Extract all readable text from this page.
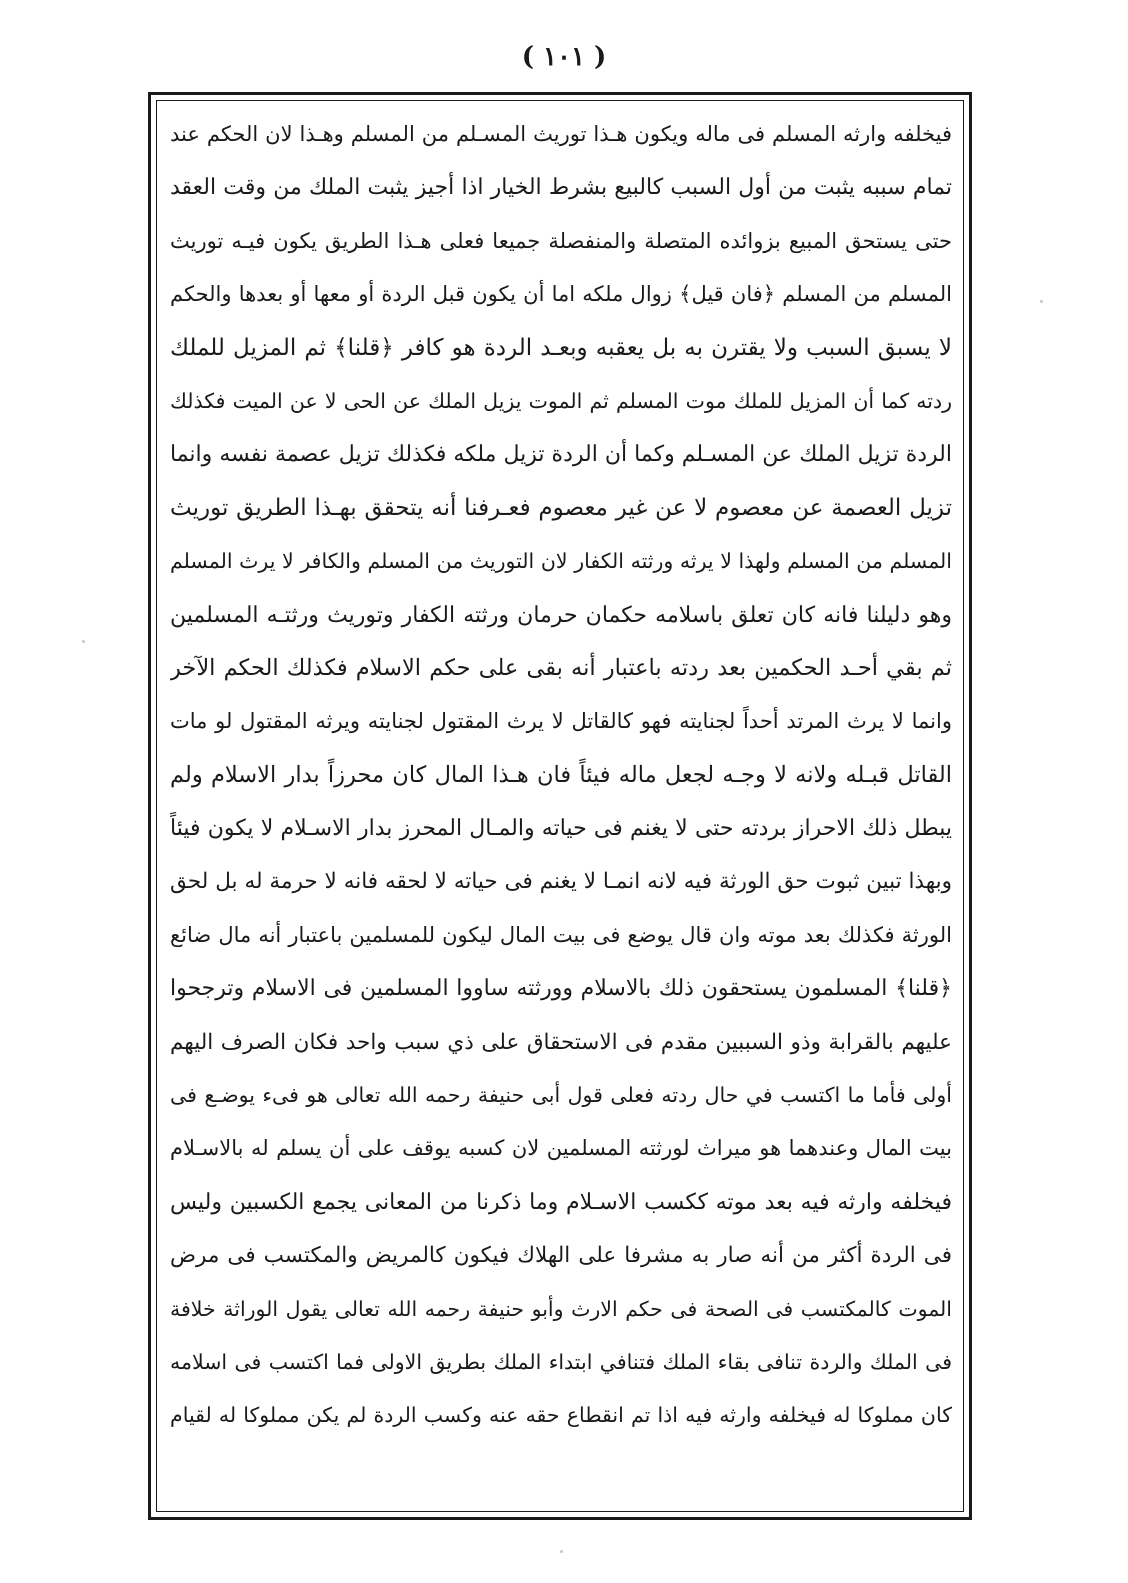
( ١٠١ )
فيخلفه وارثه المسلم فى ماله ويكون هـذا توريث المسـلم من المسلم وهـذا لان الحكم عند
تمام سببه يثبت من أول السبب كالبيع بشرط الخيار اذا أجيز يثبت الملك من وقت العقد
حتى يستحق المبيع بزوائده المتصلة والمنفصلة جميعا فعلى هـذا الطريق يكون فيـه توريث
المسلم من المسلم ﴿فان قيل﴾ زوال ملكه اما أن يكون قبل الردة أو معها أو بعدها والحكم
لا يسبق السبب ولا يقترن به بل يعقبه وبعـد الردة هو كافر ﴿قلنا﴾ ثم المزيل للملك
ردته كما أن المزيل للملك موت المسلم ثم الموت يزيل الملك عن الحى لا عن الميت فكذلك
الردة تزيل الملك عن المسـلم وكما أن الردة تزيل ملكه فكذلك تزيل عصمة نفسه وانما
تزيل العصمة عن معصوم لا عن غير معصوم فعـرفنا أنه يتحقق بهـذا الطريق توريث
المسلم من المسلم ولهذا لا يرثه ورثته الكفار لان التوريث من المسلم والكافر لا يرث المسلم
وهو دليلنا فانه كان تعلق باسلامه حكمان حرمان ورثته الكفار وتوريث ورثتـه المسلمين
ثم بقي أحـد الحكمين بعد ردته باعتبار أنه بقى على حكم الاسلام فكذلك الحكم الآخر
وانما لا يرث المرتد أحداً لجنايته فهو كالقاتل لا يرث المقتول لجنايته ويرثه المقتول لو مات
القاتل قبـله ولانه لا وجـه لجعل ماله فيئاً فان هـذا المال كان محرزاً بدار الاسلام ولم
يبطل ذلك الاحراز بردته حتى لا يغنم فى حياته والمـال المحرز بدار الاسـلام لا يكون فيئاً
وبهذا تبين ثبوت حق الورثة فيه لانه انمـا لا يغنم فى حياته لا لحقه فانه لا حرمة له بل لحق
الورثة فكذلك بعد موته وان قال يوضع فى بيت المال ليكون للمسلمين باعتبار أنه مال ضائع
﴿قلنا﴾ المسلمون يستحقون ذلك بالاسلام وورثته ساووا المسلمين فى الاسلام وترجحوا
عليهم بالقرابة وذو السببين مقدم فى الاستحقاق على ذي سبب واحد فكان الصرف اليهم
أولى فأما ما اكتسب في حال ردته فعلى قول أبى حنيفة رحمه الله تعالى هو فىء يوضـع فى
بيت المال وعندهما هو ميراث لورثته المسلمين لان كسبه يوقف على أن يسلم له بالاسـلام
فيخلفه وارثه فيه بعد موته ككسب الاسـلام وما ذكرنا من المعانى يجمع الكسبين وليس
فى الردة أكثر من أنه صار به مشرفا على الهلاك فيكون كالمريض والمكتسب فى مرض
الموت كالمكتسب فى الصحة فى حكم الارث وأبو حنيفة رحمه الله تعالى يقول الوراثة خلافة
فى الملك والردة تنافى بقاء الملك فتنافي ابتداء الملك بطريق الاولى فما اكتسب فى اسلامه
كان مملوكا له فيخلفه وارثه فيه اذا تم انقطاع حقه عنه وكسب الردة لم يكن مملوكا له لقيام
